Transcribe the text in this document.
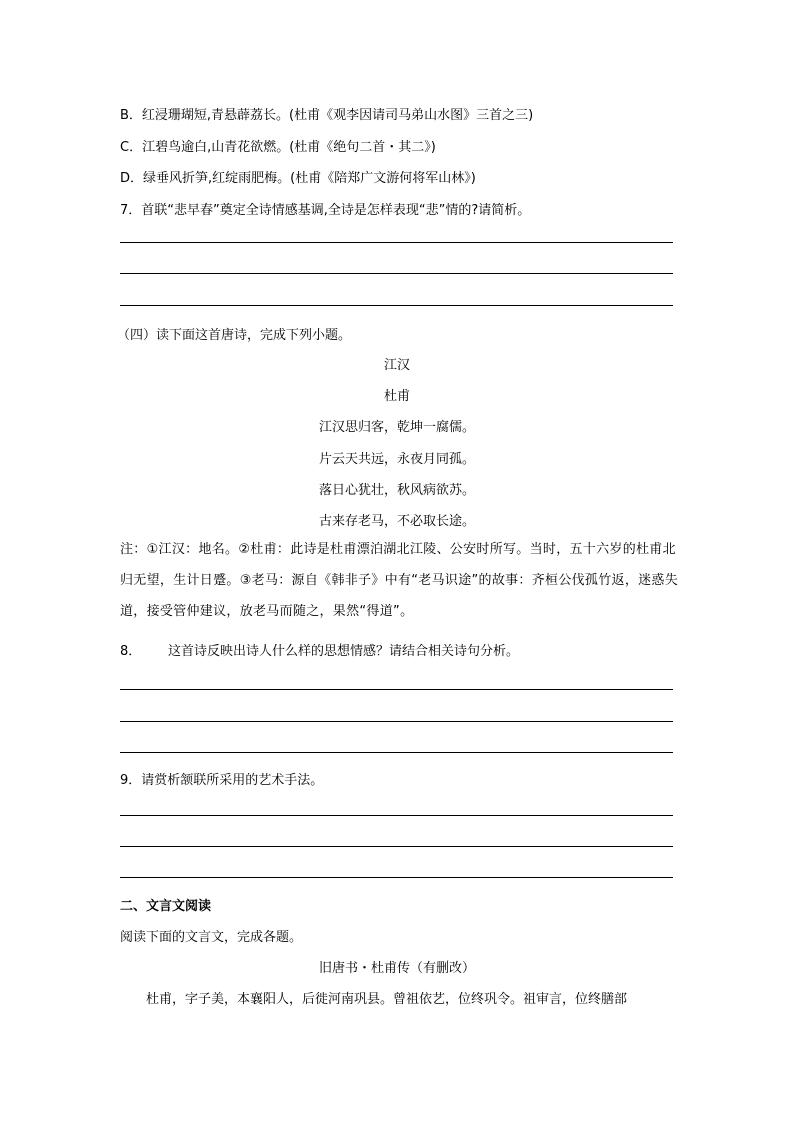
B．红浸珊瑚短,青悬薜荔长。(杜甫《观李因请司马弟山水图》三首之三)
C．江碧鸟逾白,山青花欲燃。(杜甫《绝句二首・其二》)
D．绿垂风折笋,红绽雨肥梅。(杜甫《陪郑广文游何将军山林》)
7．首联“悲早春”奠定全诗情感基调,全诗是怎样表现“悲”情的?请简析。
（四）读下面这首唐诗，完成下列小题。
江汉
杜甫
江汉思归客，乾坤一腐儒。
片云天共远，永夜月同孤。
落日心犹壮，秋风病欲苏。
古来存老马，不必取长途。
注：①江汉：地名。②杜甫：此诗是杜甫漂泊湖北江陵、公安时所写。当时，五十六岁的杜甫北归无望，生计日蹙。③老马：源自《韩非子》中有“老马识途”的故事：齐桓公伐孤竹返，迷惑失道，接受管仲建议，放老马而随之，果然“得道”。
8． 这首诗反映出诗人什么样的思想情感？请结合相关诗句分析。
9．请赏析颔联所采用的艺术手法。
二、文言文阅读
阅读下面的文言文，完成各题。
旧唐书・杜甫传（有删改）
杜甫，字子美，本襄阳人，后徙河南巩县。曾祖依艺，位终巩令。祖审言，位终膳部
